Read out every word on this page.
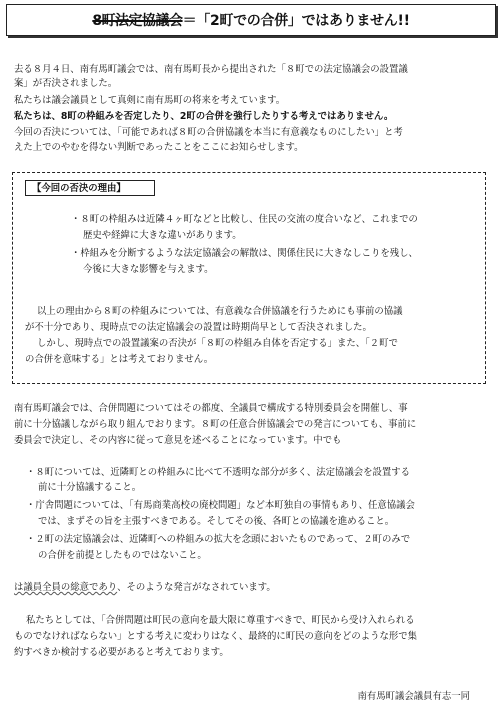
8町法定協議会 ＝「2町での合併」ではありません!!
去る８月４日、南有馬町議会では、南有馬町長から提出された「８町での法定協議会の設置議
案」が否決されました。
私たちは議会議員として真剣に南有馬町の将来を考えています。
私たちは、8町の枠組みを否定したり、2町の合併を強行したりする考えではありません。
今回の否決については、「可能であれば８町の合併協議を本当に有意義なものにしたい」と考
えた上でのやむを得ない判断であったことをここにお知らせします。
【今回の否決の理由】
・８町の枠組みは近隣４ヶ町などと比較し、住民の交流の度合いなど、これまでの
歴史や経緯に大きな違いがあります。
・枠組みを分断するような法定協議会の解散は、関係住民に大きなしこりを残し、
今後に大きな影響を与えます。
以上の理由から８町の枠組みについては、有意義な合併協議を行うためにも事前の協議
が不十分であり、現時点での法定協議会の設置は時期尚早として否決されました。
しかし、現時点での設置議案の否決が「８町の枠組み自体を否定する」また、「２町で
の合併を意味する」とは考えておりません。
南有馬町議会では、合併問題についてはその都度、全議員で構成する特別委員会を開催し、事
前に十分協議しながら取り組んでおります。８町の任意合併協議会での発言についても、事前に
委員会で決定し、その内容に従って意見を述べることになっています。中でも
・８町については、近隣町との枠組みに比べて不透明な部分が多く、法定協議会を設置する
前に十分協議すること。
・庁舎問題については、「有馬商業高校の廃校問題」など本町独自の事情もあり、任意協議会
では、まずその旨を主張すべきである。そしてその後、各町との協議を進めること。
・２町の法定協議会は、近隣町への枠組みの拡大を念頭においたものであって、２町のみで
の合併を前提としたものではないこと。
は議員全員の総意であり、そのような発言がなされています。
私たちとしては、「合併問題は町民の意向を最大限に尊重すべきで、町民から受け入れられる
ものでなければならない」とする考えに変わりはなく、最終的に町民の意向をどのような形で集
約すべきか検討する必要があると考えております。
南有馬町議会議員有志一同
